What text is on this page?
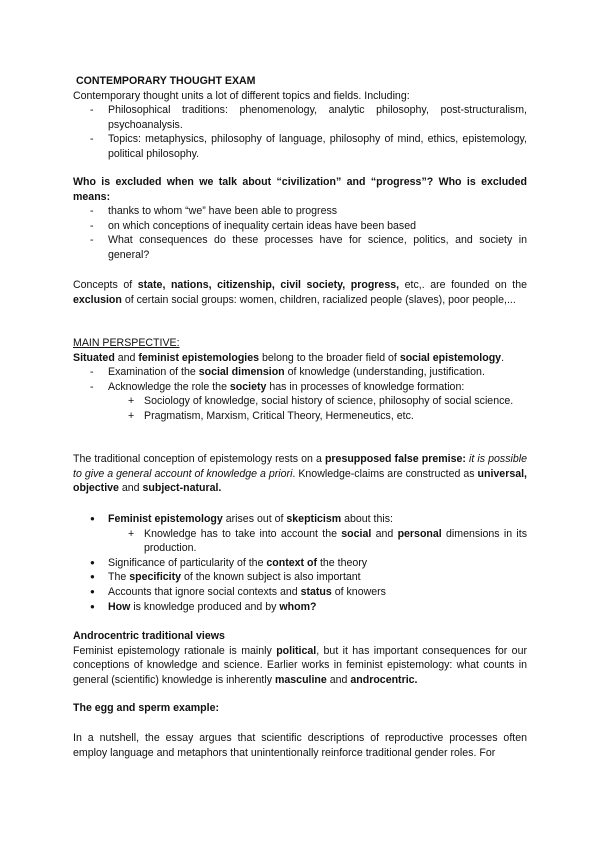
CONTEMPORARY THOUGHT EXAM

Contemporary thought units a lot of different topics and fields. Including:

- Philosophical traditions: phenomenology, analytic philosophy, post-structuralism, psychoanalysis.
- Topics: metaphysics, philosophy of language, philosophy of mind, ethics, epistemology, political philosophy.

Who is excluded when we talk about “civilization” and “progress”? Who is excluded means:

- thanks to whom “we” have been able to progress
- on which conceptions of inequality certain ideas have been based
- What consequences do these processes have for science, politics, and society in general?

Concepts of state, nations, citizenship, civil society, progress, etc,. are founded on the exclusion of certain social groups: women, children, racialized people (slaves), poor people,...

MAIN PERSPECTIVE:

Situated and feminist epistemologies belong to the broader field of social epistemology.

- Examination of the social dimension of knowledge (understanding, justification.
- Acknowledge the role the society has in processes of knowledge formation:
+ Sociology of knowledge, social history of science, philosophy of social science.
+ Pragmatism, Marxism, Critical Theory, Hermeneutics, etc.

The traditional conception of epistemology rests on a presupposed false premise: it is possible to give a general account of knowledge a priori. Knowledge-claims are constructed as universal, objective and subject-natural.

● Feminist epistemology arises out of skepticism about this:
+ Knowledge has to take into account the social and personal dimensions in its production.
● Significance of particularity of the context of the theory
● The specificity of the known subject is also important
● Accounts that ignore social contexts and status of knowers
● How is knowledge produced and by whom?

Androcentric traditional views

Feminist epistemology rationale is mainly political, but it has important consequences for our conceptions of knowledge and science. Earlier works in feminist epistemology: what counts in general (scientific) knowledge is inherently masculine and androcentric.

The egg and sperm example:

In a nutshell, the essay argues that scientific descriptions of reproductive processes often employ language and metaphors that unintentionally reinforce traditional gender roles. For
